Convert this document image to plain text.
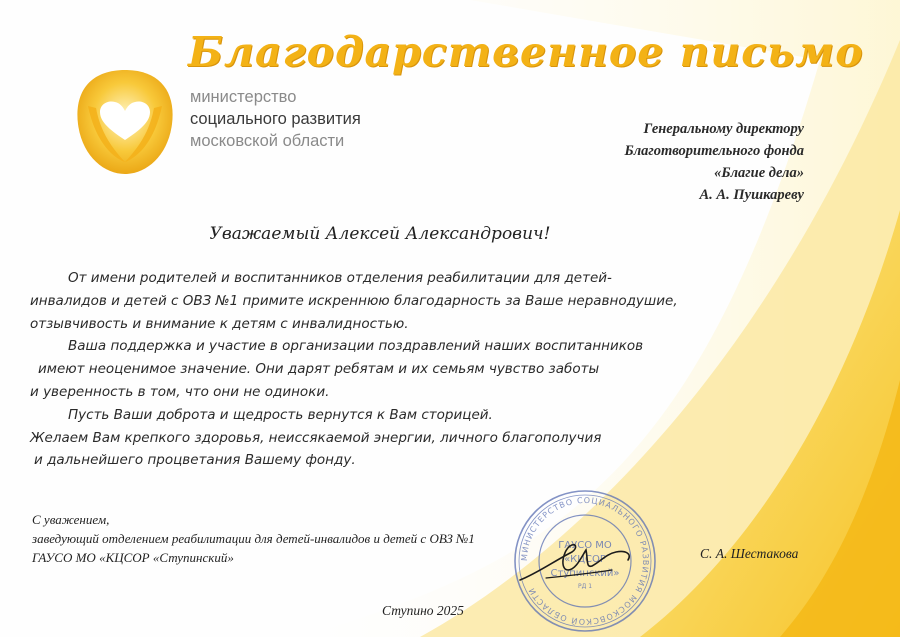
Благодарственное письмо
министерство
социального развития
московской области
Генеральному директору
Благотворительного фонда
«Благие дела»
А. А. Пушкареву
Уважаемый Алексей Александрович!
От имени родителей и воспитанников отделения реабилитации для детей-
инвалидов и детей с ОВЗ №1 примите искреннюю благодарность за Ваше неравнодушие,
отзывчивость и внимание к детям с инвалидностью.
Ваша поддержка и участие в организации поздравлений наших воспитанников
имеют неоценимое значение. Они дарят ребятам и их семьям чувство заботы
и уверенность в том, что они не одиноки.
Пусть Ваши доброта и щедрость вернутся к Вам сторицей.
Желаем Вам крепкого здоровья, неиссякаемой энергии, личного благополучия
и дальнейшего процветания Вашему фонду.
С уважением,
заведующий отделением реабилитации для детей-инвалидов и детей с ОВЗ №1
ГАУСО МО «КЦСОР «Ступинский»	МИНИСТЕРСТВО СОЦИАЛЬНОГО РАЗВИТИЯ МОСКОВСКОЙ ОБЛАСТИ
ГАУСО МО
«КЦСОР
Ступинский»
РД 1
С. А. Шестакова
Ступино 2025
